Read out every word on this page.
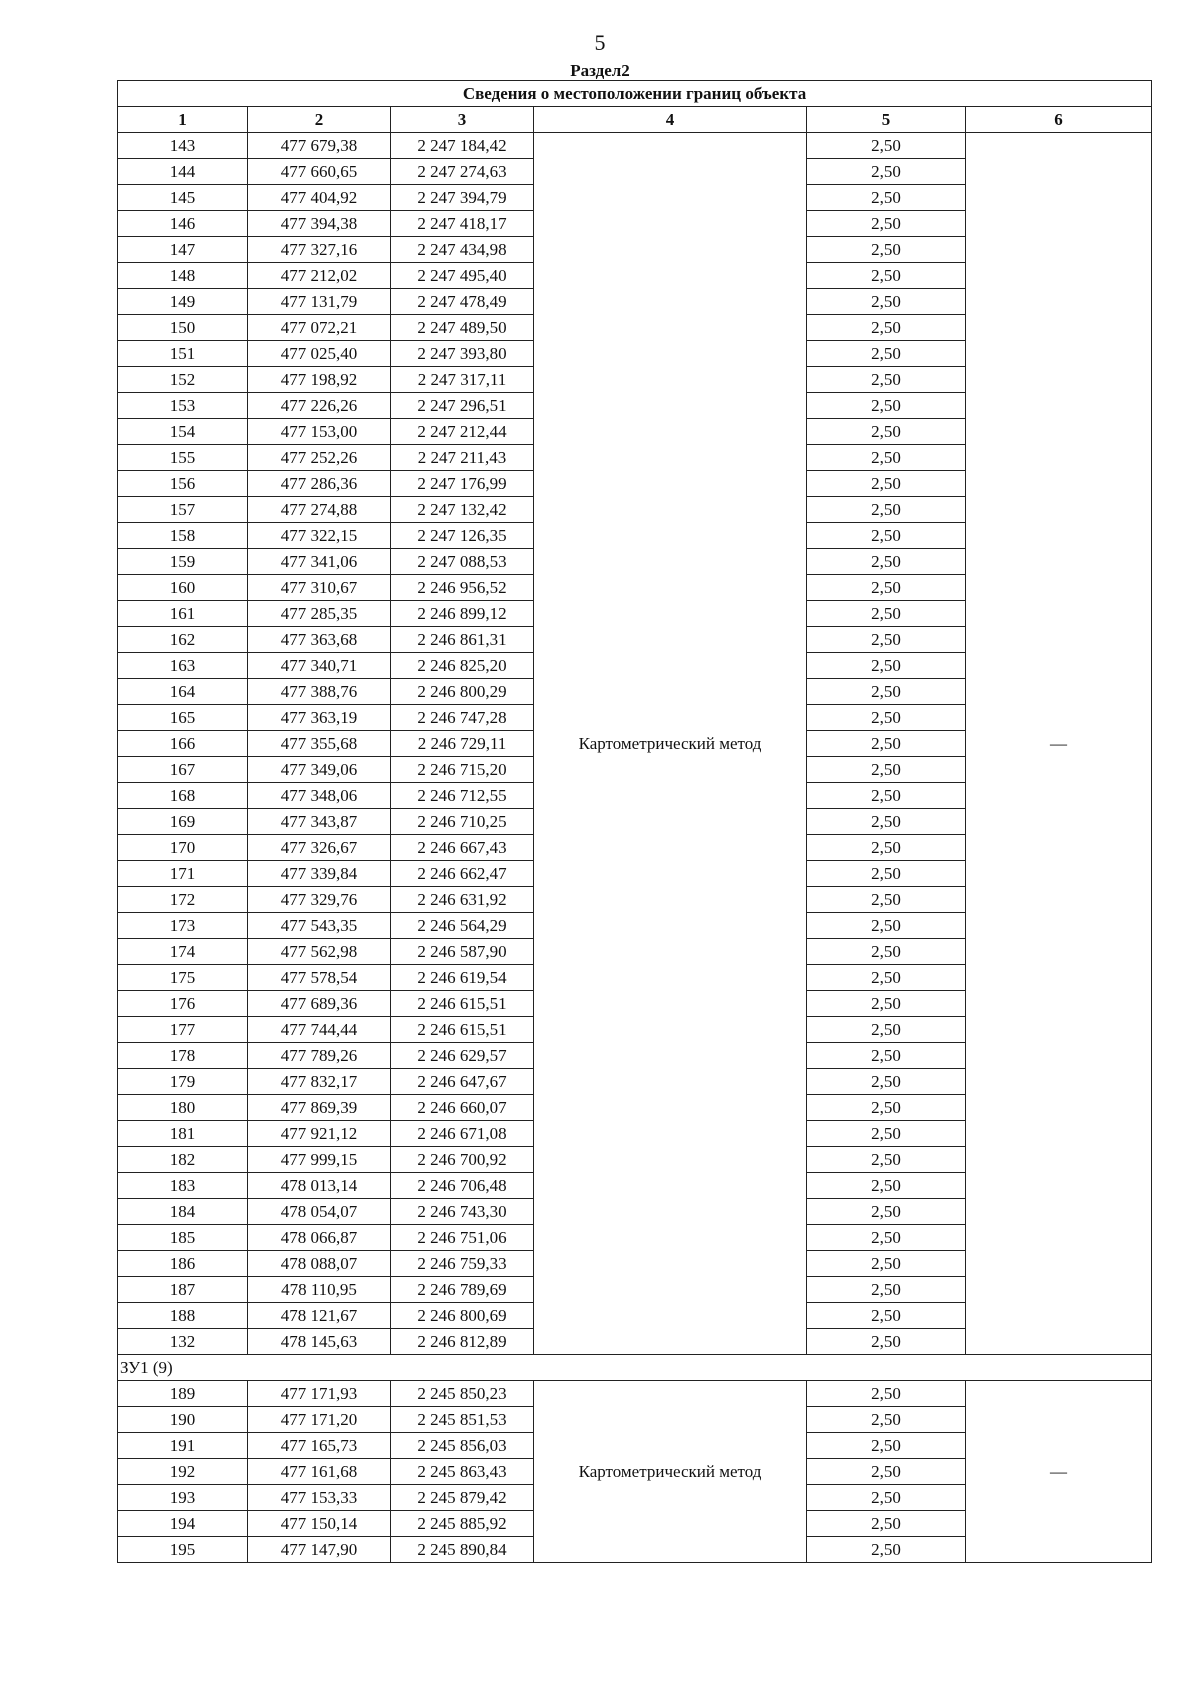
5
Раздел2
Сведения о местоположении границ объекта					
1	2	3	4	5	6
143	477 679,38	2 247 184,42	Картометрический метод	2,50	—
144	477 660,65	2 247 274,63		2,50	
145	477 404,92	2 247 394,79		2,50	
146	477 394,38	2 247 418,17		2,50	
147	477 327,16	2 247 434,98		2,50	
148	477 212,02	2 247 495,40		2,50	
149	477 131,79	2 247 478,49		2,50	
150	477 072,21	2 247 489,50		2,50	
151	477 025,40	2 247 393,80		2,50	
152	477 198,92	2 247 317,11		2,50	
153	477 226,26	2 247 296,51		2,50	
154	477 153,00	2 247 212,44		2,50	
155	477 252,26	2 247 211,43		2,50	
156	477 286,36	2 247 176,99		2,50	
157	477 274,88	2 247 132,42		2,50	
158	477 322,15	2 247 126,35		2,50	
159	477 341,06	2 247 088,53		2,50	
160	477 310,67	2 246 956,52		2,50	
161	477 285,35	2 246 899,12		2,50	
162	477 363,68	2 246 861,31		2,50	
163	477 340,71	2 246 825,20		2,50	
164	477 388,76	2 246 800,29		2,50	
165	477 363,19	2 246 747,28		2,50	
166	477 355,68	2 246 729,11		2,50	
167	477 349,06	2 246 715,20		2,50	
168	477 348,06	2 246 712,55		2,50	
169	477 343,87	2 246 710,25		2,50	
170	477 326,67	2 246 667,43		2,50	
171	477 339,84	2 246 662,47		2,50	
172	477 329,76	2 246 631,92		2,50	
173	477 543,35	2 246 564,29		2,50	
174	477 562,98	2 246 587,90		2,50	
175	477 578,54	2 246 619,54		2,50	
176	477 689,36	2 246 615,51		2,50	
177	477 744,44	2 246 615,51		2,50	
178	477 789,26	2 246 629,57		2,50	
179	477 832,17	2 246 647,67		2,50	
180	477 869,39	2 246 660,07		2,50	
181	477 921,12	2 246 671,08		2,50	
182	477 999,15	2 246 700,92		2,50	
183	478 013,14	2 246 706,48		2,50	
184	478 054,07	2 246 743,30		2,50	
185	478 066,87	2 246 751,06		2,50	
186	478 088,07	2 246 759,33		2,50	
187	478 110,95	2 246 789,69		2,50	
188	478 121,67	2 246 800,69		2,50	
132	478 145,63	2 246 812,89		2,50	
ЗУ1 (9)					
189	477 171,93	2 245 850,23	Картометрический метод	2,50	—
190	477 171,20	2 245 851,53		2,50	
191	477 165,73	2 245 856,03		2,50	
192	477 161,68	2 245 863,43		2,50	
193	477 153,33	2 245 879,42		2,50	
194	477 150,14	2 245 885,92		2,50	
195	477 147,90	2 245 890,84		2,50	
